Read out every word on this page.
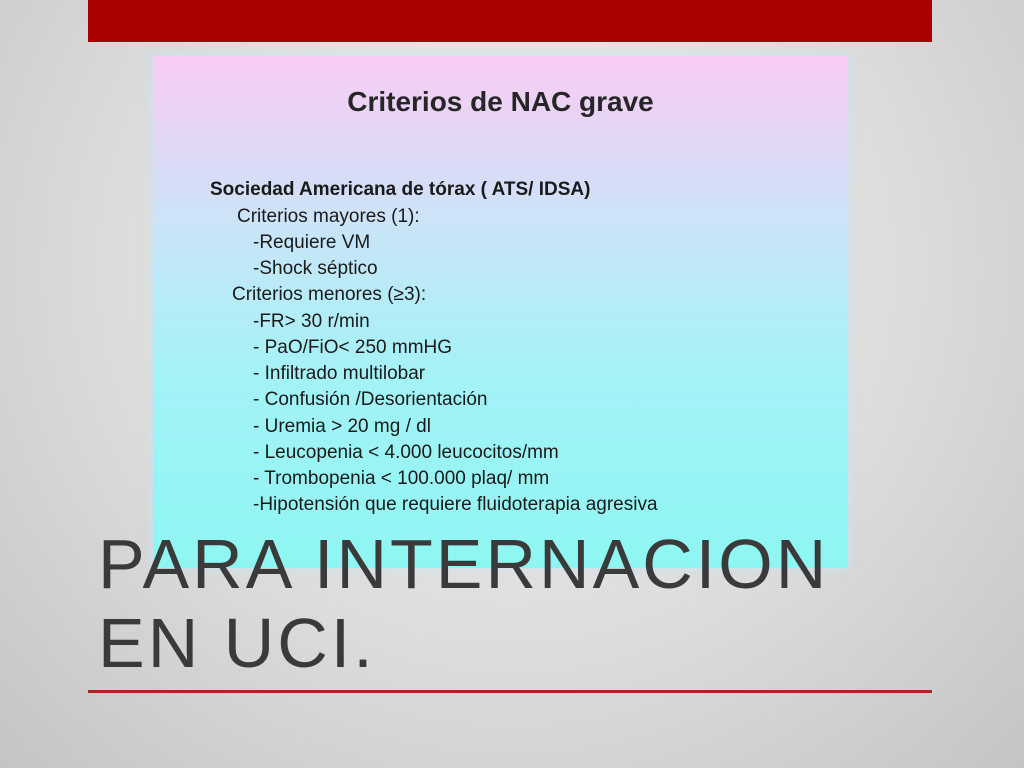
Criterios de NAC grave
Sociedad Americana de tórax ( ATS/ IDSA)
Criterios mayores (1):
-Requiere VM
-Shock séptico
Criterios menores (≥3):
-FR> 30 r/min
- PaO/FiO< 250 mmHG
- Infiltrado multilobar
- Confusión /Desorientación
- Uremia > 20 mg / dl
- Leucopenia < 4.000 leucocitos/mm
- Trombopenia < 100.000 plaq/ mm
-Hipotensión que requiere fluidoterapia agresiva
PARA INTERNACION
EN UCI.
